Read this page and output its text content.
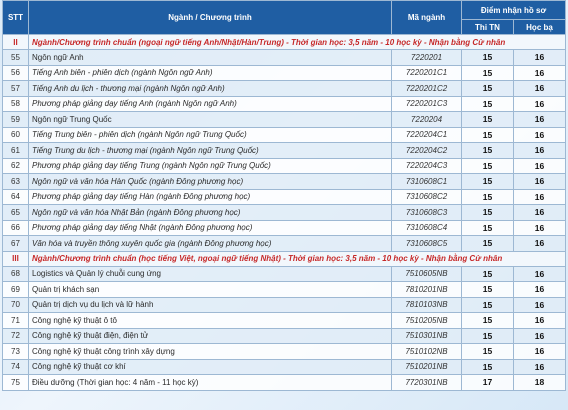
STT	Ngành / Chương trình	Mã ngành	Điểm nhận hồ sơ	
			Thi TN	Học bạ
II	Ngành/Chương trình chuẩn (ngoại ngữ tiếng Anh/Nhật/Hàn/Trung) - Thời gian học: 3,5 năm - 10 học kỳ - Nhận bằng Cử nhân			
55	Ngôn ngữ Anh	7220201	15	16
56	Tiếng Anh biên - phiên dịch (ngành Ngôn ngữ Anh)	7220201C1	15	16
57	Tiếng Anh du lịch - thương mại (ngành Ngôn ngữ Anh)	7220201C2	15	16
58	Phương pháp giảng dạy tiếng Anh (ngành Ngôn ngữ Anh)	7220201C3	15	16
59	Ngôn ngữ Trung Quốc	7220204	15	16
60	Tiếng Trung biên - phiên dịch (ngành Ngôn ngữ Trung Quốc)	7220204C1	15	16
61	Tiếng Trung du lịch - thương mại (ngành Ngôn ngữ Trung Quốc)	7220204C2	15	16
62	Phương pháp giảng dạy tiếng Trung (ngành Ngôn ngữ Trung Quốc)	7220204C3	15	16
63	Ngôn ngữ và văn hóa Hàn Quốc (ngành Đông phương học)	7310608C1	15	16
64	Phương pháp giảng dạy tiếng Hàn (ngành Đông phương học)	7310608C2	15	16
65	Ngôn ngữ và văn hóa Nhật Bản (ngành Đông phương học)	7310608C3	15	16
66	Phương pháp giảng dạy tiếng Nhật (ngành Đông phương học)	7310608C4	15	16
67	Văn hóa và truyền thông xuyên quốc gia (ngành Đông phương học)	7310608C5	15	16
III	Ngành/Chương trình chuẩn (học tiếng Việt, ngoại ngữ tiếng Nhật) - Thời gian học: 3,5 năm - 10 học kỳ - Nhận bằng Cử nhân			
68	Logistics và Quản lý chuỗi cung ứng	7510605NB	15	16
69	Quản trị khách sạn	7810201NB	15	16
70	Quản trị dịch vụ du lịch và lữ hành	7810103NB	15	16
71	Công nghệ kỹ thuật ô tô	7510205NB	15	16
72	Công nghệ kỹ thuật điện, điện tử	7510301NB	15	16
73	Công nghệ kỹ thuật công trình xây dựng	7510102NB	15	16
74	Công nghệ kỹ thuật cơ khí	7510201NB	15	16
75	Điều dưỡng (Thời gian học: 4 năm - 11 học kỳ)	7720301NB	17	18
